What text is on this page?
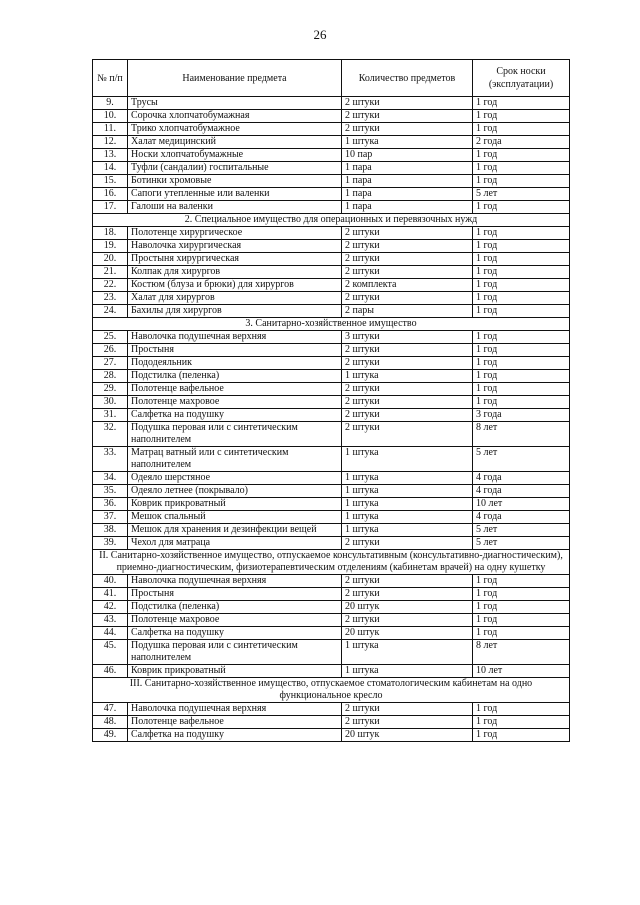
26
№ п/п	Наименование предмета	Количество предметов	Срок носки (эксплуатации)
9.	Трусы	2 штуки	1 год
10.	Сорочка хлопчатобумажная	2 штуки	1 год
11.	Трико хлопчатобумажное	2 штуки	1 год
12.	Халат медицинский	1 штука	2 года
13.	Носки хлопчатобумажные	10 пар	1 год
14.	Туфли (сандалии) госпитальные	1 пара	1 год
15.	Ботинки хромовые	1 пара	1 год
16.	Сапоги утепленные или валенки	1 пара	5 лет
17.	Галоши на валенки	1 пара	1 год
2. Специальное имущество для операционных и перевязочных нужд			
18.	Полотенце хирургическое	2 штуки	1 год
19.	Наволочка хирургическая	2 штуки	1 год
20.	Простыня хирургическая	2 штуки	1 год
21.	Колпак для хирургов	2 штуки	1 год
22.	Костюм (блуза и брюки) для хирургов	2 комплекта	1 год
23.	Халат для хирургов	2 штуки	1 год
24.	Бахилы для хирургов	2 пары	1 год
3. Санитарно-хозяйственное имущество			
25.	Наволочка подушечная верхняя	3 штуки	1 год
26.	Простыня	2 штуки	1 год
27.	Пододеяльник	2 штуки	1 год
28.	Подстилка (пеленка)	1 штука	1 год
29.	Полотенце вафельное	2 штуки	1 год
30.	Полотенце махровое	2 штуки	1 год
31.	Салфетка на подушку	2 штуки	3 года
32.	Подушка перовая или с синтетическим наполнителем	2 штуки	8 лет
33.	Матрац ватный или с синтетическим наполнителем	1 штука	5 лет
34.	Одеяло шерстяное	1 штука	4 года
35.	Одеяло летнее (покрывало)	1 штука	4 года
36.	Коврик прикроватный	1 штука	10 лет
37.	Мешок спальный	1 штука	4 года
38.	Мешок для хранения и дезинфекции вещей	1 штука	5 лет
39.	Чехол для матраца	2 штуки	5 лет
II. Санитарно-хозяйственное имущество, отпускаемое консультативным (консультативно-диагностическим), приемно-диагностическим, физиотерапевтическим отделениям (кабинетам врачей) на одну кушетку			
40.	Наволочка подушечная верхняя	2 штуки	1 год
41.	Простыня	2 штуки	1 год
42.	Подстилка (пеленка)	20 штук	1 год
43.	Полотенце махровое	2 штуки	1 год
44.	Салфетка на подушку	20 штук	1 год
45.	Подушка перовая или с синтетическим наполнителем	1 штука	8 лет
46.	Коврик прикроватный	1 штука	10 лет
III. Санитарно-хозяйственное имущество, отпускаемое стоматологическим кабинетам на одно функциональное кресло			
47.	Наволочка подушечная верхняя	2 штуки	1 год
48.	Полотенце вафельное	2 штуки	1 год
49.	Салфетка на подушку	20 штук	1 год
